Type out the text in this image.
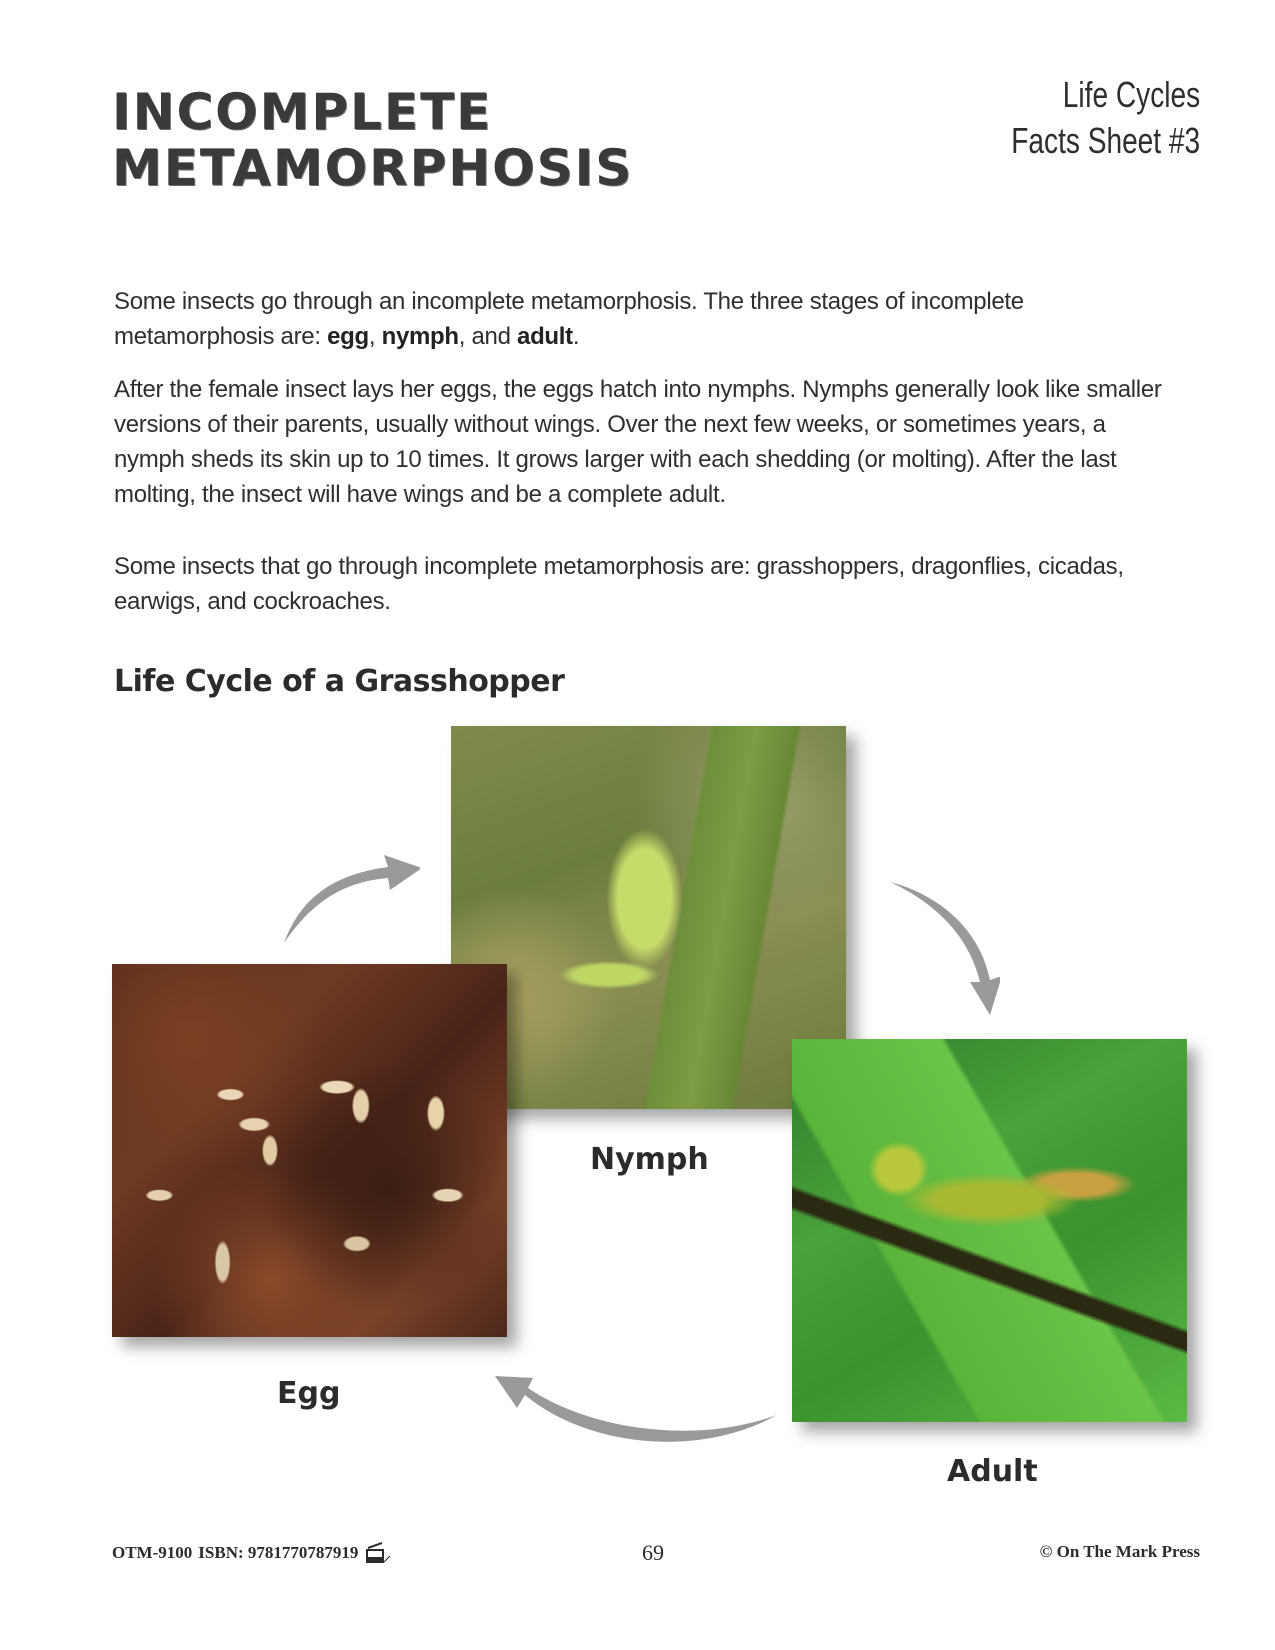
INCOMPLETE
METAMORPHOSIS
Life Cycles
Facts Sheet #3
Some insects go through an incomplete metamorphosis. The three stages of incomplete metamorphosis are: egg, nymph, and adult.
After the female insect lays her eggs, the eggs hatch into nymphs. Nymphs generally look like smaller versions of their parents, usually without wings. Over the next few weeks, or sometimes years, a nymph sheds its skin up to 10 times. It grows larger with each shedding (or molting). After the last molting, the insect will have wings and be a complete adult.
Some insects that go through incomplete metamorphosis are: grasshoppers, dragonflies, cicadas, earwigs, and cockroaches.
Life Cycle of a Grasshopper
Nymph
Egg
Adult
OTM-9100 ISBN: 9781770787919	69	© On The Mark Press
